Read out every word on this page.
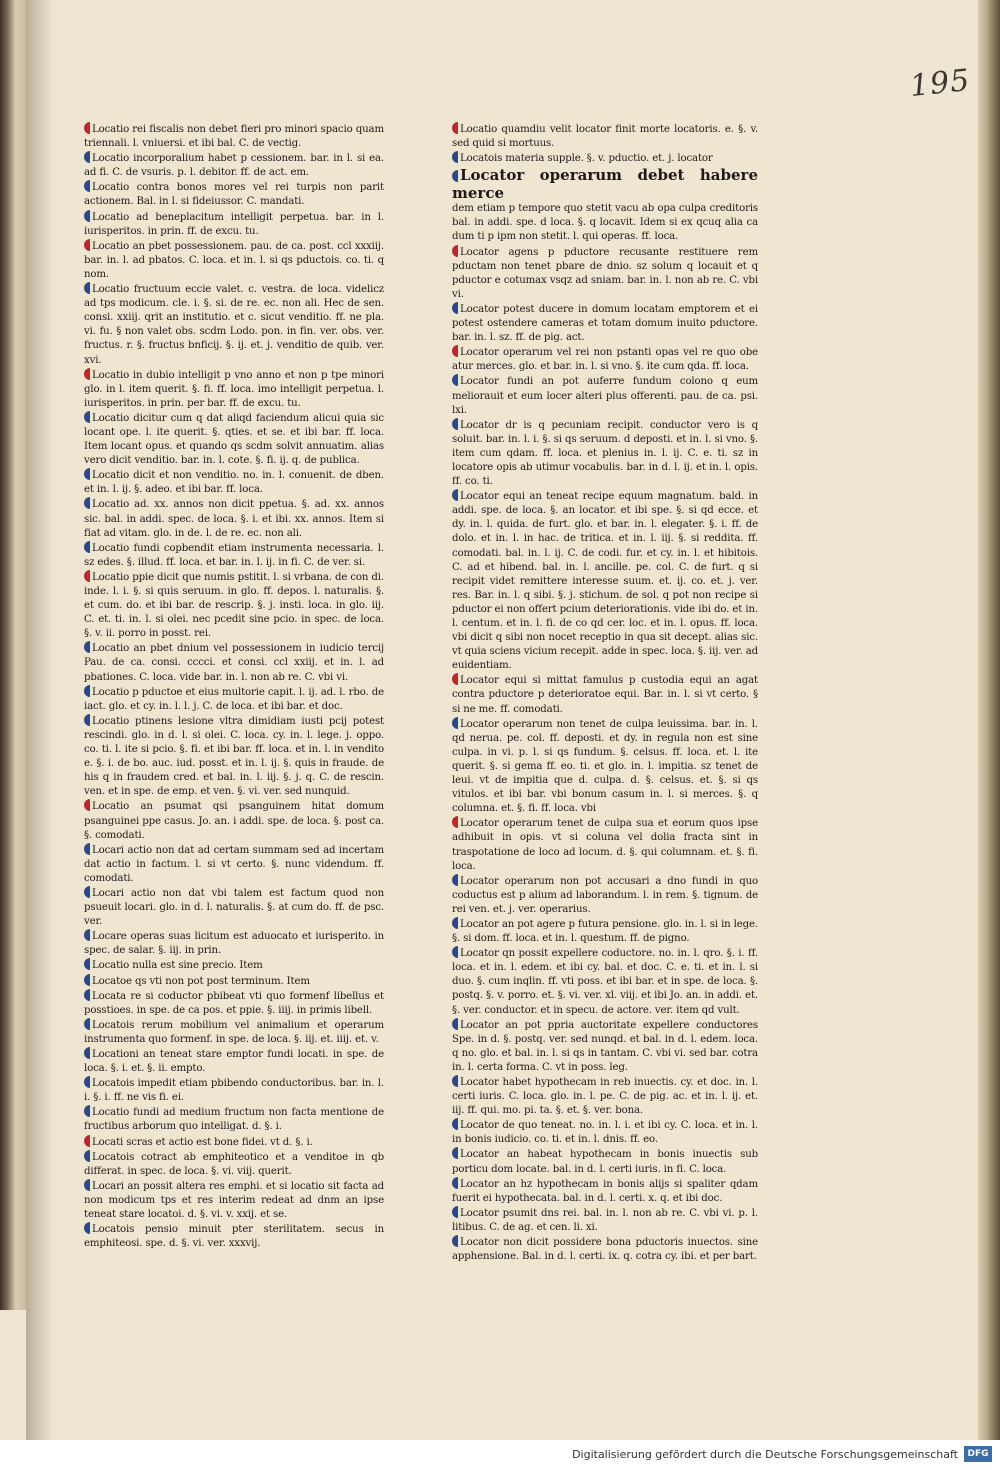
195

Locatio rei fiscalis non debet fieri pro minori spacio quam triennali. l. vniuersi. et ibi bal. C. de vectig.

Locatio incorporalium habet p cessionem. bar. in l. si ea. ad fi. C. de vsuris. p. l. debitor. ff. de act. em.

Locatio contra bonos mores vel rei turpis non parit actionem. Bal. in l. si fideiussor. C. mandati.

Locatio ad beneplacitum intelligit perpetua. bar. in l. iurisperitos. in prin. ff. de excu. tu.

Locatio an pbet possessionem. pau. de ca. post. ccl xxxiij. bar. in. l. ad pbatos. C. loca. et in. l. si qs pductois. co. ti. q nom.

Locatio fructuum eccie valet. c. vestra. de loca. videlicz ad tps modicum. cle. i. §. si. de re. ec. non ali. Hec de sen. consi. xxiij. qrit an institutio. et c. sicut venditio. ff. ne pla. vi. fu. § non valet obs. scdm Lodo. pon. in fin. ver. obs. ver. fructus. r. §. fructus bnficij. §. ij. et. j. venditio de quib. ver. xvi.

Locatio in dubio intelligit p vno anno et non p tpe minori glo. in l. item querit. §. fi. ff. loca. imo intelligit perpetua. l. iurisperitos. in prin. per bar. ff. de excu. tu.

Locatio dicitur cum q dat aliqd faciendum alicui quia sic locant ope. l. ite querit. §. qties. et se. et ibi bar. ff. loca. Item locant opus. et quando qs scdm solvit annuatim. alias vero dicit venditio. bar. in. l. cote. §. fi. ij. q. de publica.

Locatio dicit et non venditio. no. in. l. conuenit. de dben. et in. l. ij. §. adeo. et ibi bar. ff. loca.

Locatio ad. xx. annos non dicit ppetua. §. ad. xx. annos sic. bal. in addi. spec. de loca. §. i. et ibi. xx. annos. Item si fiat ad vitam. glo. in de. l. de re. ec. non ali.

Locatio fundi copbendit etiam instrumenta necessaria. l. sz edes. §. illud. ff. loca. et bar. in. l. ij. in fi. C. de ver. si.

Locatio ppie dicit que numis pstitit. l. si vrbana. de con di. inde. l. i. §. si quis seruum. in glo. ff. depos. l. naturalis. §. et cum. do. et ibi bar. de rescrip. §. j. insti. loca. in glo. iij. C. et. ti. in. l. si olei. nec pcedit sine pcio. in spec. de loca. §. v. ii. porro in posst. rei.

Locatio an pbet dnium vel possessionem in iudicio tercij Pau. de ca. consi. cccci. et consi. ccl xxiij. et in. l. ad pbationes. C. loca. vide bar. in. l. non ab re. C. vbi vi.

Locatio p pductoe et eius multorie capit. l. ij. ad. l. rbo. de iact. glo. et cy. in. l. l. j. C. de loca. et ibi bar. et doc.

Locatio ptinens lesione vltra dimidiam iusti pcij potest rescindi. glo. in d. l. si olei. C. loca. cy. in. l. lege. j. oppo. co. ti. l. ite si pcio. §. fi. et ibi bar. ff. loca. et in. l. in vendito e. §. i. de bo. auc. iud. posst. et in. l. ij. §. quis in fraude. de his q in fraudem cred. et bal. in. l. iij. §. j. q. C. de rescin. ven. et in spe. de emp. et ven. §. vi. ver. sed nunquid.

Locatio an psumat qsi psanguinem hitat domum psanguinei ppe casus. Jo. an. i addi. spe. de loca. §. post ca. §. comodati.

Locari actio non dat ad certam summam sed ad incertam dat actio in factum. l. si vt certo. §. nunc videndum. ff. comodati.

Locari actio non dat vbi talem est factum quod non psueuit locari. glo. in d. l. naturalis. §. at cum do. ff. de psc. ver.

Locare operas suas licitum est aduocato et iurisperito. in spec. de salar. §. iij. in prin.

Locatio nulla est sine precio. Item

Locatoe qs vti non pot post terminum. Item

Locata re si coductor pbibeat vti quo formenf libellus et posstioes. in spe. de ca pos. et ppie. §. iiij. in primis libell.

Locatois rerum mobilium vel animalium et operarum instrumenta quo formenf. in spe. de loca. §. iij. et. iiij. et. v.

Locationi an teneat stare emptor fundi locati. in spe. de loca. §. i. et. §. ii. empto.

Locatois impedit etiam pbibendo conductoribus. bar. in. l. i. §. i. ff. ne vis fi. ei.

Locatio fundi ad medium fructum non facta mentione de fructibus arborum quo intelligat. d. §. i.

Locati scras et actio est bone fidei. vt d. §. i.

Locatois cotract ab emphiteotico et a venditoe in qb differat. in spec. de loca. §. vi. viij. querit.

Locari an possit altera res emphi. et si locatio sit facta ad non modicum tps et res interim redeat ad dnm an ipse teneat stare locatoi. d. §. vi. v. xxij. et se.

Locatois pensio minuit pter sterilitatem. secus in emphiteosi. spe. d. §. vi. ver. xxxvij.

Locatio quamdiu velit locator finit morte locatoris. e. §. v. sed quid si mortuus.

Locatois materia supple. §. v. pductio. et. j. locator

Locator operarum debet habere merce

dem etiam p tempore quo stetit vacu ab opa culpa creditoris bal. in addi. spe. d loca. §. q locavit. Idem si ex qcuq alia ca dum ti p ipm non stetit. l. qui operas. ff. loca.

Locator agens p pductore recusante restituere rem pductam non tenet pbare de dnio. sz solum q locauit et q pductor e cotumax vsqz ad sniam. bar. in. l. non ab re. C. vbi vi.

Locator potest ducere in domum locatam emptorem et ei potest ostendere cameras et totam domum inuito pductore. bar. in. l. sz. ff. de pig. act.

Locator operarum vel rei non pstanti opas vel re quo obe atur merces. glo. et bar. in. l. si vno. §. ite cum qda. ff. loca.

Locator fundi an pot auferre fundum colono q eum meliorauit et eum locer alteri plus offerenti. pau. de ca. psi. lxi.

Locator dr is q pecuniam recipit. conductor vero is q soluit. bar. in. l. i. §. si qs seruum. d deposti. et in. l. si vno. §. item cum qdam. ff. loca. et plenius in. l. ij. C. e. ti. sz in locatore opis ab utimur vocabulis. bar. in d. l. ij. et in. l. opis. ff. co. ti.

Locator equi an teneat recipe equum magnatum. bald. in addi. spe. de loca. §. an locator. et ibi spe. §. si qd ecce. et dy. in. l. quida. de furt. glo. et bar. in. l. elegater. §. i. ff. de dolo. et in. l. in hac. de tritica. et in. l. iij. §. si reddita. ff. comodati. bal. in. l. ij. C. de codi. fur. et cy. in. l. et hibitois. C. ad et hibend. bal. in. l. ancille. pe. col. C. de furt. q si recipit videt remittere interesse suum. et. ij. co. et. j. ver. res. Bar. in. l. q sibi. §. j. stichum. de sol. q pot non recipe si pductor ei non offert pcium deteriorationis. vide ibi do. et in. l. centum. et in. l. fi. de co qd cer. loc. et in. l. opus. ff. loca. vbi dicit q sibi non nocet receptio in qua sit decept. alias sic. vt quia sciens vicium recepit. adde in spec. loca. §. iij. ver. ad euidentiam.

Locator equi si mittat famulus p custodia equi an agat contra pductore p deterioratoe equi. Bar. in. l. si vt certo. § si ne me. ff. comodati.

Locator operarum non tenet de culpa leuissima. bar. in. l. qd nerua. pe. col. ff. deposti. et dy. in regula non est sine culpa. in vi. p. l. si qs fundum. §. celsus. ff. loca. et. l. ite querit. §. si gema ff. eo. ti. et glo. in. l. impitia. sz tenet de leui. vt de impitia que d. culpa. d. §. celsus. et. §. si qs vitulos. et ibi bar. vbi bonum casum in. l. si merces. §. q columna. et. §. fi. ff. loca. vbi

Locator operarum tenet de culpa sua et eorum quos ipse adhibuit in opis. vt si coluna vel dolia fracta sint in traspotatione de loco ad locum. d. §. qui columnam. et. §. fi. loca.

Locator operarum non pot accusari a dno fundi in quo coductus est p alium ad laborandum. l. in rem. §. tignum. de rei ven. et. j. ver. operarius.

Locator an pot agere p futura pensione. glo. in. l. si in lege. §. si dom. ff. loca. et in. l. questum. ff. de pigno.

Locator qn possit expellere coductore. no. in. l. qro. §. i. ff. loca. et in. l. edem. et ibi cy. bal. et doc. C. e. ti. et in. l. si duo. §. cum inqlin. ff. vti poss. et ibi bar. et in spe. de loca. §. postq. §. v. porro. et. §. vi. ver. xl. viij. et ibi Jo. an. in addi. et. §. ver. conductor. et in specu. de actore. ver. item qd vult.

Locator an pot ppria auctoritate expellere conductores Spe. in d. §. postq. ver. sed nunqd. et bal. in d. l. edem. loca. q no. glo. et bal. in. l. si qs in tantam. C. vbi vi. sed bar. cotra in. l. certa forma. C. vt in poss. leg.

Locator habet hypothecam in reb inuectis. cy. et doc. in. l. certi iuris. C. loca. glo. in. l. pe. C. de pig. ac. et in. l. ij. et. iij. ff. qui. mo. pi. ta. §. et. §. ver. bona.

Locator de quo teneat. no. in. l. i. et ibi cy. C. loca. et in. l. in bonis iudicio. co. ti. et in. l. dnis. ff. eo.

Locator an habeat hypothecam in bonis inuectis sub porticu dom locate. bal. in d. l. certi iuris. in fi. C. loca.

Locator an hz hypothecam in bonis alijs si spaliter qdam fuerit ei hypothecata. bal. in d. l. certi. x. q. et ibi doc.

Locator psumit dns rei. bal. in. l. non ab re. C. vbi vi. p. l. litibus. C. de ag. et cen. li. xi.

Locator non dicit possidere bona pductoris inuectos. sine apphensione. Bal. in d. l. certi. ix. q. cotra cy. ibi. et per bart.

Digitalisierung gefördert durch die Deutsche Forschungsgemeinschaft	DFG
